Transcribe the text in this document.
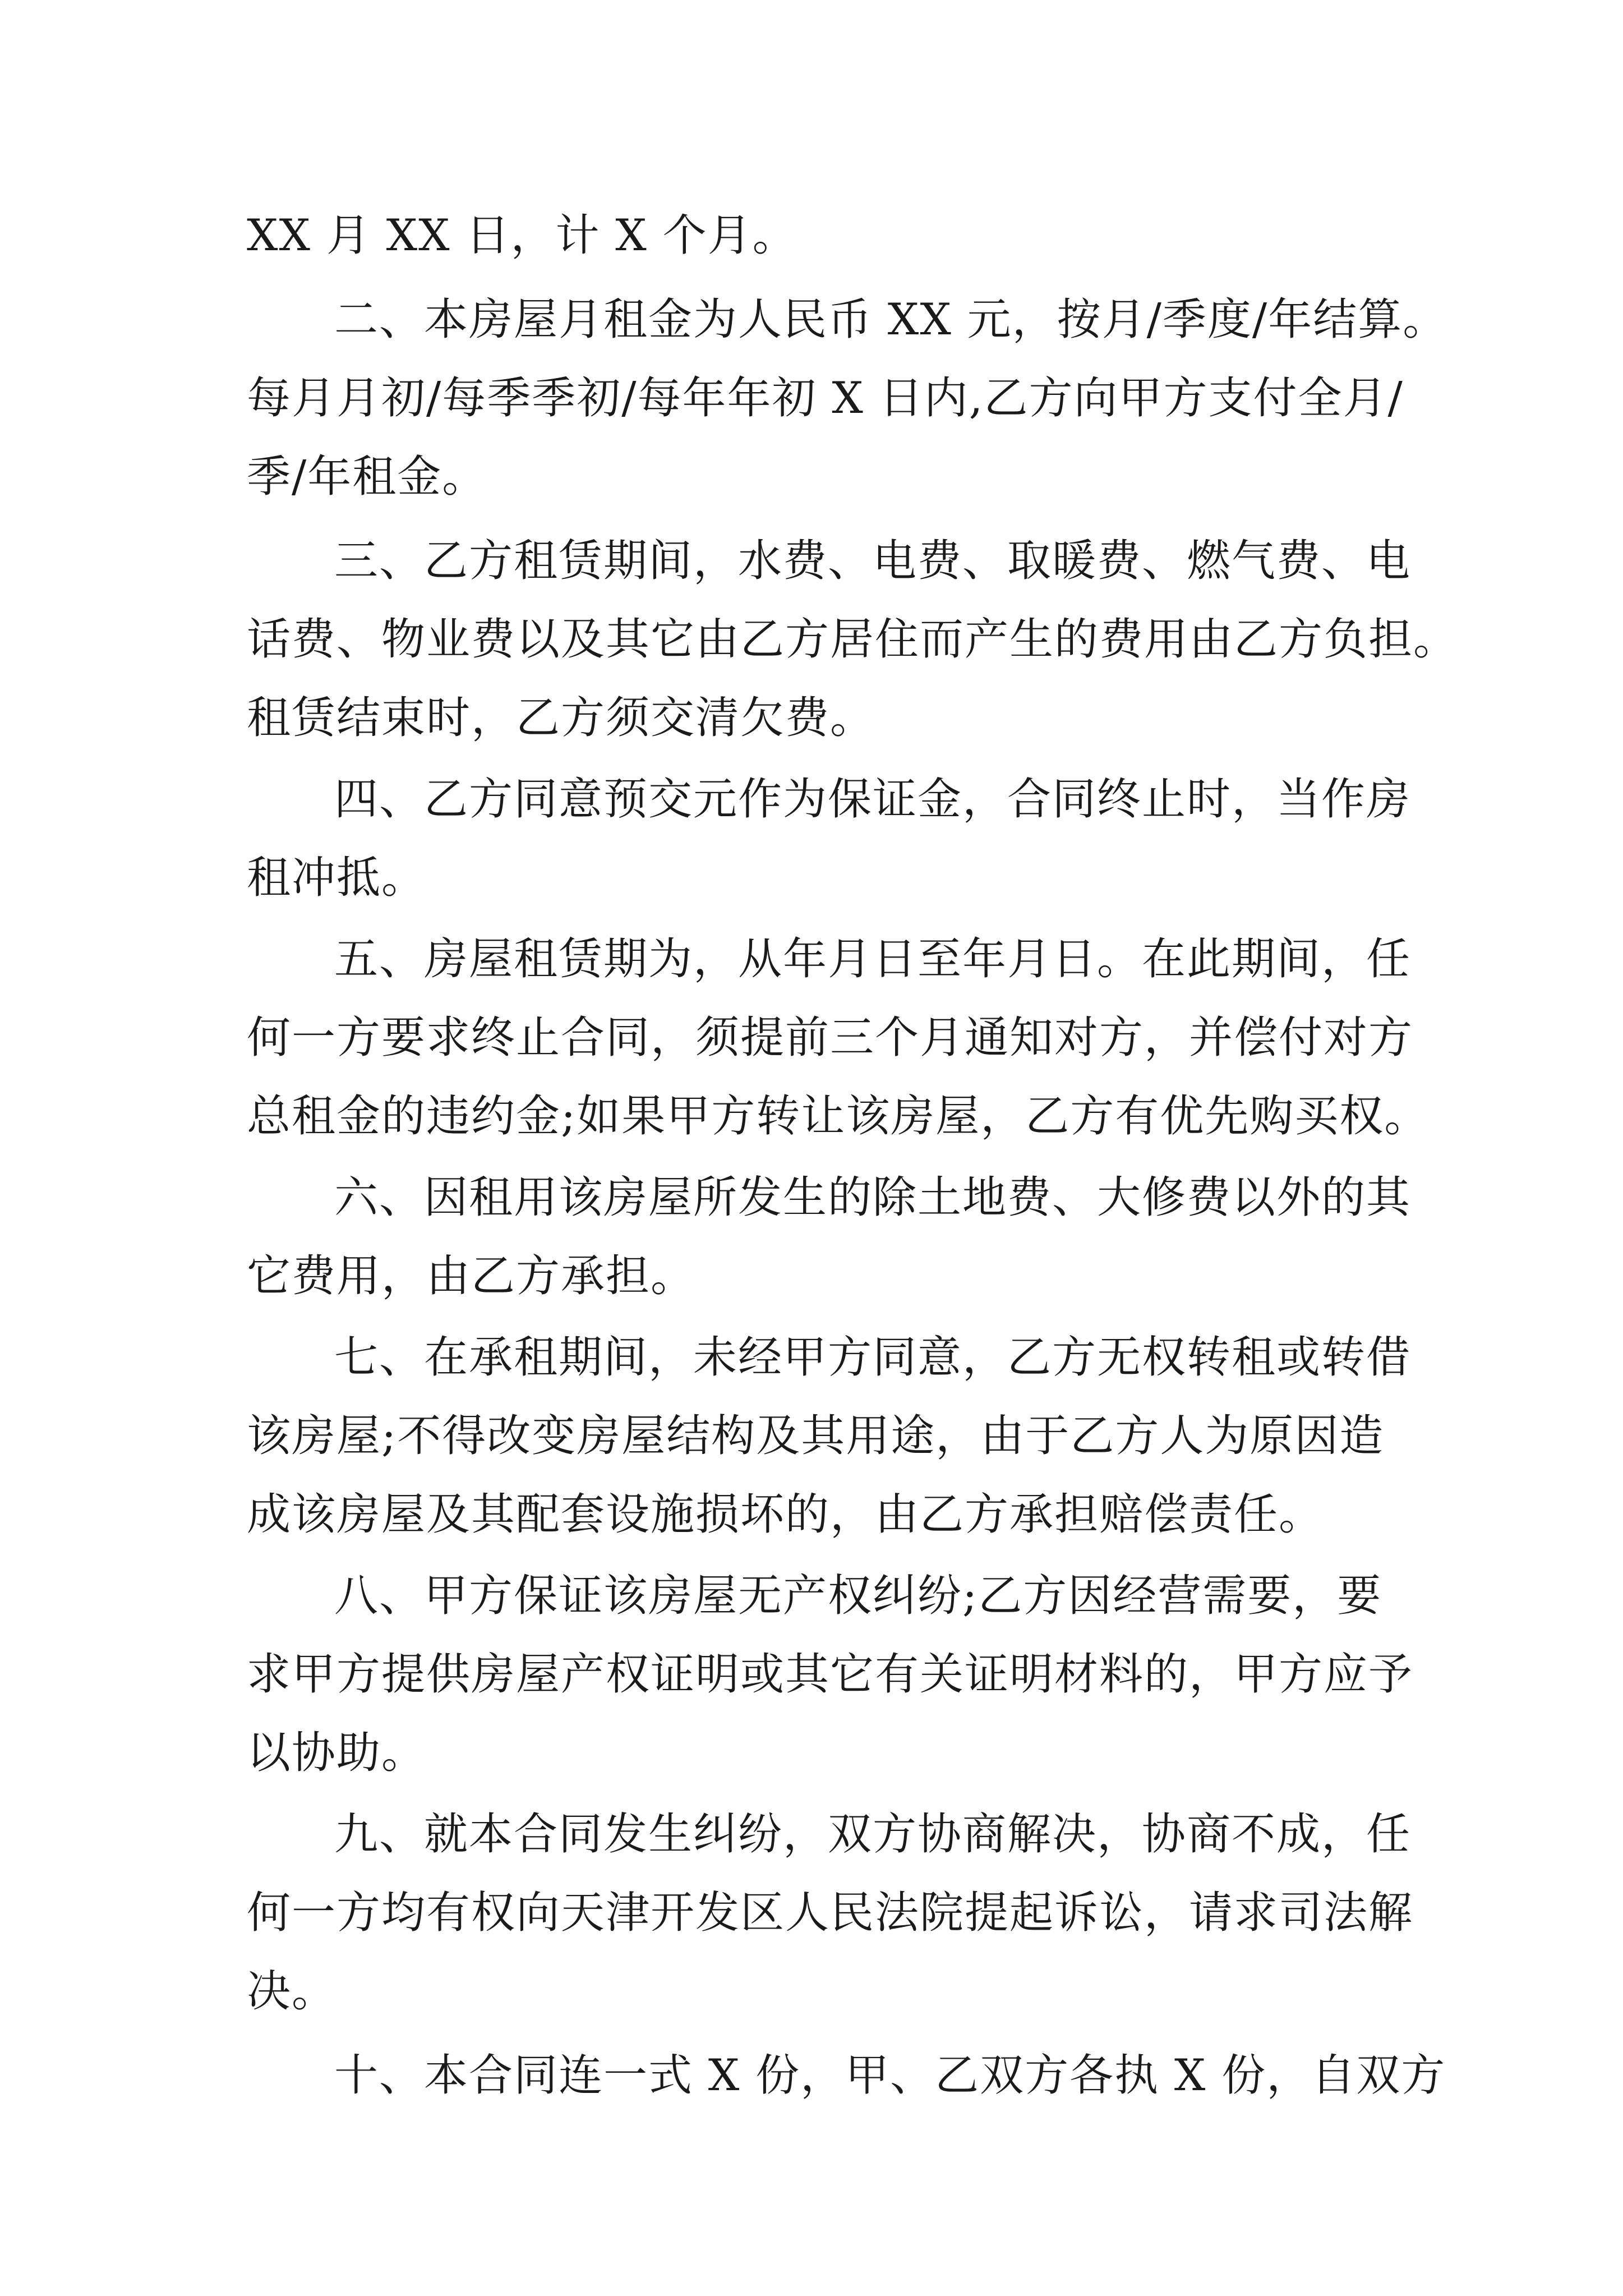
XX 月 XX 日，计 X 个月。
二、本房屋月租金为人民币 XX 元，按月/季度/年结算。
每月月初/每季季初/每年年初 X 日内,乙方向甲方支付全月/
季/年租金。
三、乙方租赁期间，水费、电费、取暖费、燃气费、电
话费、物业费以及其它由乙方居住而产生的费用由乙方负担。
租赁结束时，乙方须交清欠费。
四、乙方同意预交元作为保证金，合同终止时，当作房
租冲抵。
五、房屋租赁期为，从年月日至年月日。在此期间，任
何一方要求终止合同，须提前三个月通知对方，并偿付对方
总租金的违约金;如果甲方转让该房屋，乙方有优先购买权。
六、因租用该房屋所发生的除土地费、大修费以外的其
它费用，由乙方承担。
七、在承租期间，未经甲方同意，乙方无权转租或转借
该房屋;不得改变房屋结构及其用途，由于乙方人为原因造
成该房屋及其配套设施损坏的，由乙方承担赔偿责任。
八、甲方保证该房屋无产权纠纷;乙方因经营需要，要
求甲方提供房屋产权证明或其它有关证明材料的，甲方应予
以协助。
九、就本合同发生纠纷，双方协商解决，协商不成，任
何一方均有权向天津开发区人民法院提起诉讼，请求司法解
决。
十、本合同连一式 X 份，甲、乙双方各执 X 份，自双方
